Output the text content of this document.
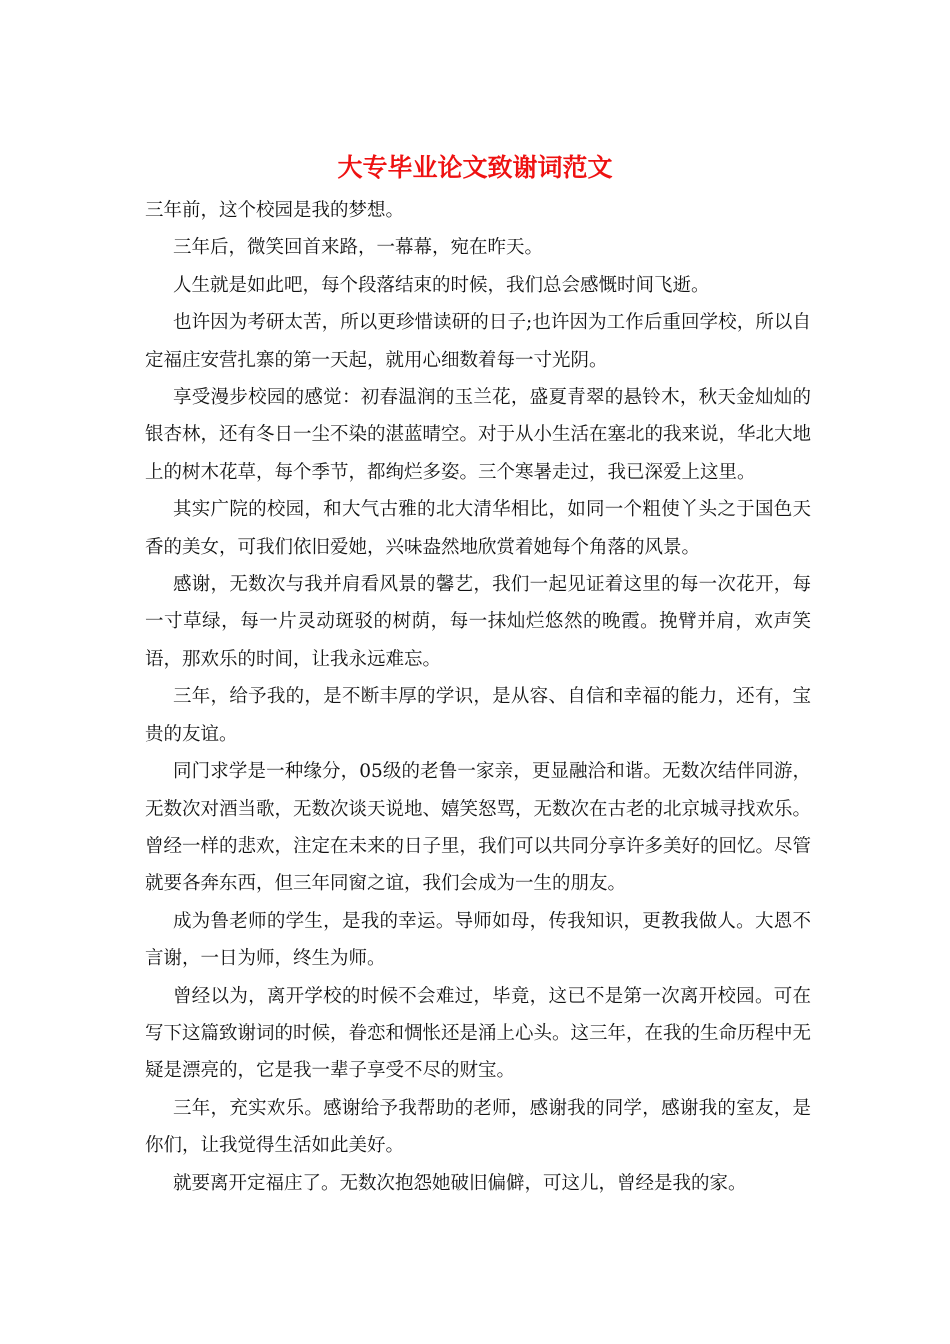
大专毕业论文致谢词范文

三年前，这个校园是我的梦想。

三年后，微笑回首来路，一幕幕，宛在昨天。

人生就是如此吧，每个段落结束的时候，我们总会感慨时间飞逝。

也许因为考研太苦，所以更珍惜读研的日子;也许因为工作后重回学校，所以自定福庄安营扎寨的第一天起，就用心细数着每一寸光阴。

享受漫步校园的感觉：初春温润的玉兰花，盛夏青翠的悬铃木，秋天金灿灿的银杏林，还有冬日一尘不染的湛蓝晴空。对于从小生活在塞北的我来说，华北大地上的树木花草，每个季节，都绚烂多姿。三个寒暑走过，我已深爱上这里。

其实广院的校园，和大气古雅的北大清华相比，如同一个粗使丫头之于国色天香的美女，可我们依旧爱她，兴味盎然地欣赏着她每个角落的风景。

感谢，无数次与我并肩看风景的馨艺，我们一起见证着这里的每一次花开，每一寸草绿，每一片灵动斑驳的树荫，每一抹灿烂悠然的晚霞。挽臂并肩，欢声笑语，那欢乐的时间，让我永远难忘。

三年，给予我的，是不断丰厚的学识，是从容、自信和幸福的能力，还有，宝贵的友谊。

同门求学是一种缘分，05级的老鲁一家亲，更显融洽和谐。无数次结伴同游，无数次对酒当歌，无数次谈天说地、嬉笑怒骂，无数次在古老的北京城寻找欢乐。曾经一样的悲欢，注定在未来的日子里，我们可以共同分享许多美好的回忆。尽管就要各奔东西，但三年同窗之谊，我们会成为一生的朋友。

成为鲁老师的学生，是我的幸运。导师如母，传我知识，更教我做人。大恩不言谢，一日为师，终生为师。

曾经以为，离开学校的时候不会难过，毕竟，这已不是第一次离开校园。可在写下这篇致谢词的时候，眷恋和惆怅还是涌上心头。这三年，在我的生命历程中无疑是漂亮的，它是我一辈子享受不尽的财宝。

三年，充实欢乐。感谢给予我帮助的老师，感谢我的同学，感谢我的室友，是你们，让我觉得生活如此美好。

就要离开定福庄了。无数次抱怨她破旧偏僻，可这儿，曾经是我的家。
